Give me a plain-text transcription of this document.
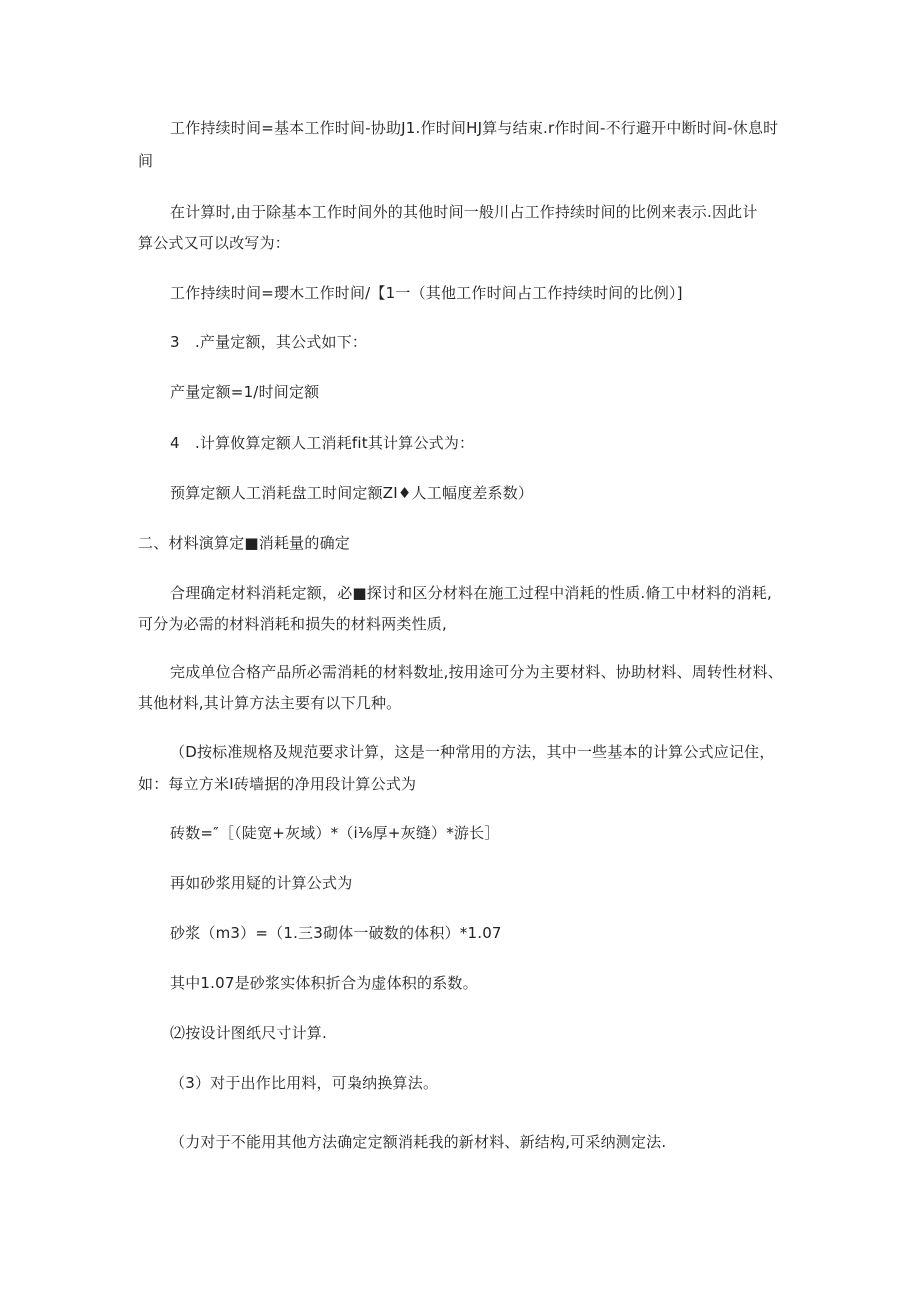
工作持续时间=基本工作时间-协助J1.作时间HJ算与结束.r作时间-不行避开中断时间-休息时
间
在计算时,由于除基本工作时间外的其他时间一般川占工作持续时间的比例来表示.因此计
算公式又可以改写为：
工作持续时间=璎木工作时间/【1一（其他工作时间占工作持续时间的比例）]
3　.产量定额，其公式如下：
产量定额=1/时间定额
4　.计算攸算定额人工消耗fit其计算公式为：
预算定额人工消耗盘工时间定额ZI♦人工幅度差系数）
二、材料演算定■消耗量的确定
合理确定材料消耗定额，必■探讨和区分材料在施工过程中消耗的性质.脩工中材料的消耗,
可分为必需的材料消耗和损失的材料两类性质,
完成单位合格产品所必需消耗的材料数址,按用途可分为主要材料、协助材料、周转性材料、
其他材料,其计算方法主要有以下几种。
（D按标准规格及规范要求计算，这是一种常用的方法，其中一些基本的计算公式应记住，
如：每立方米I砖墙据的净用段计算公式为
砖数=″［（陡宽+灰域）*（i⅛厚+灰缝）*游长］
再如砂浆用疑的计算公式为
砂浆（m3）=（1.三3砌体一破数的体积）*1.07
其中1.07是砂浆实体积折合为虚体积的系数。
⑵按设计图纸尺寸计算.
（3）对于出作比用料，可枭纳换算法。
（力对于不能用其他方法确定定额消耗我的新材料、新结构,可采纳测定法.
